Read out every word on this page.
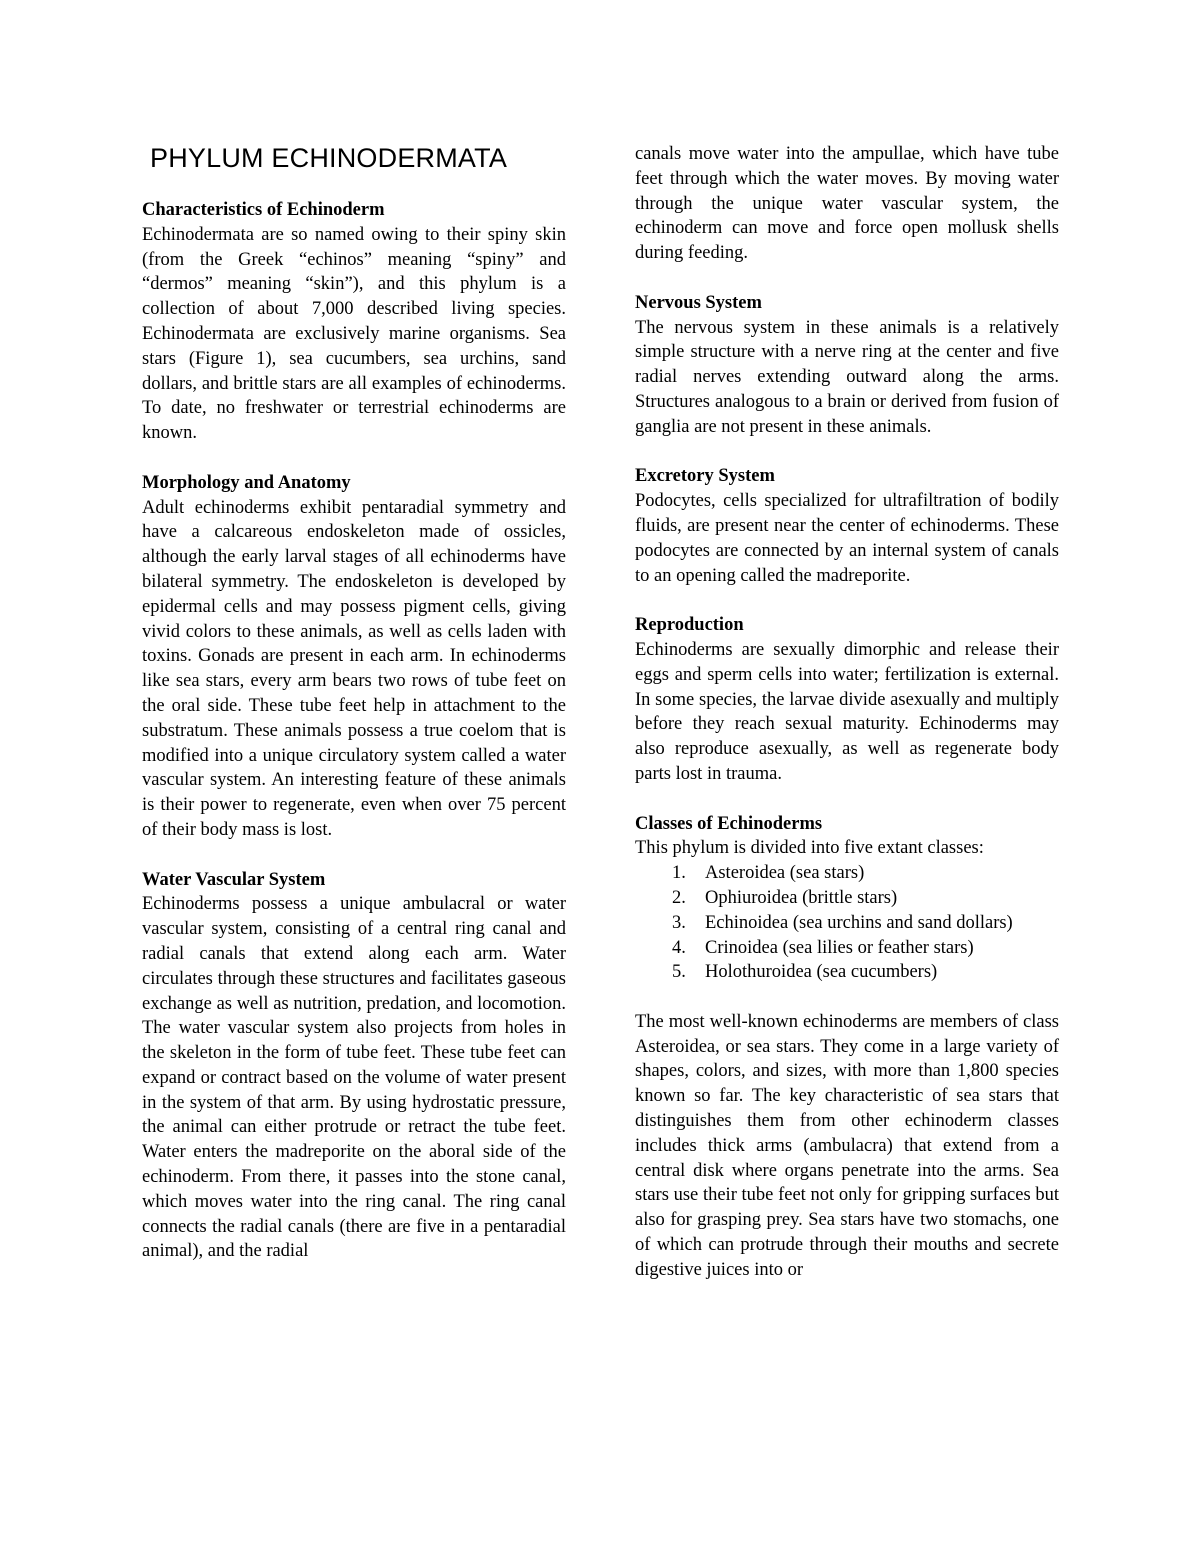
PHYLUM ECHINODERMATA

Characteristics of Echinoderm

Echinodermata are so named owing to their spiny skin (from the Greek “echinos” meaning “spiny” and “dermos” meaning “skin”), and this phylum is a collection of about 7,000 described living species. Echinodermata are exclusively marine organisms. Sea stars (Figure 1), sea cucumbers, sea urchins, sand dollars, and brittle stars are all examples of echinoderms. To date, no freshwater or terrestrial echinoderms are known.

Morphology and Anatomy

Adult echinoderms exhibit pentaradial symmetry and have a calcareous endoskeleton made of ossicles, although the early larval stages of all echinoderms have bilateral symmetry. The endoskeleton is developed by epidermal cells and may possess pigment cells, giving vivid colors to these animals, as well as cells laden with toxins. Gonads are present in each arm. In echinoderms like sea stars, every arm bears two rows of tube feet on the oral side. These tube feet help in attachment to the substratum. These animals possess a true coelom that is modified into a unique circulatory system called a water vascular system. An interesting feature of these animals is their power to regenerate, even when over 75 percent of their body mass is lost.

Water Vascular System

Echinoderms possess a unique ambulacral or water vascular system, consisting of a central ring canal and radial canals that extend along each arm. Water circulates through these structures and facilitates gaseous exchange as well as nutrition, predation, and locomotion. The water vascular system also projects from holes in the skeleton in the form of tube feet. These tube feet can expand or contract based on the volume of water present in the system of that arm. By using hydrostatic pressure, the animal can either protrude or retract the tube feet. Water enters the madreporite on the aboral side of the echinoderm. From there, it passes into the stone canal, which moves water into the ring canal. The ring canal connects the radial canals (there are five in a pentaradial animal), and the radial

canals move water into the ampullae, which have tube feet through which the water moves. By moving water through the unique water vascular system, the echinoderm can move and force open mollusk shells during feeding.

Nervous System

The nervous system in these animals is a relatively simple structure with a nerve ring at the center and five radial nerves extending outward along the arms. Structures analogous to a brain or derived from fusion of ganglia are not present in these animals.

Excretory System

Podocytes, cells specialized for ultrafiltration of bodily fluids, are present near the center of echinoderms. These podocytes are connected by an internal system of canals to an opening called the madreporite.

Reproduction

Echinoderms are sexually dimorphic and release their eggs and sperm cells into water; fertilization is external. In some species, the larvae divide asexually and multiply before they reach sexual maturity. Echinoderms may also reproduce asexually, as well as regenerate body parts lost in trauma.

Classes of Echinoderms

This phylum is divided into five extant classes:

1. Asteroidea (sea stars)
2. Ophiuroidea (brittle stars)
3. Echinoidea (sea urchins and sand dollars)
4. Crinoidea (sea lilies or feather stars)
5. Holothuroidea (sea cucumbers)

The most well-known echinoderms are members of class Asteroidea, or sea stars. They come in a large variety of shapes, colors, and sizes, with more than 1,800 species known so far. The key characteristic of sea stars that distinguishes them from other echinoderm classes includes thick arms (ambulacra) that extend from a central disk where organs penetrate into the arms. Sea stars use their tube feet not only for gripping surfaces but also for grasping prey. Sea stars have two stomachs, one of which can protrude through their mouths and secrete digestive juices into or
